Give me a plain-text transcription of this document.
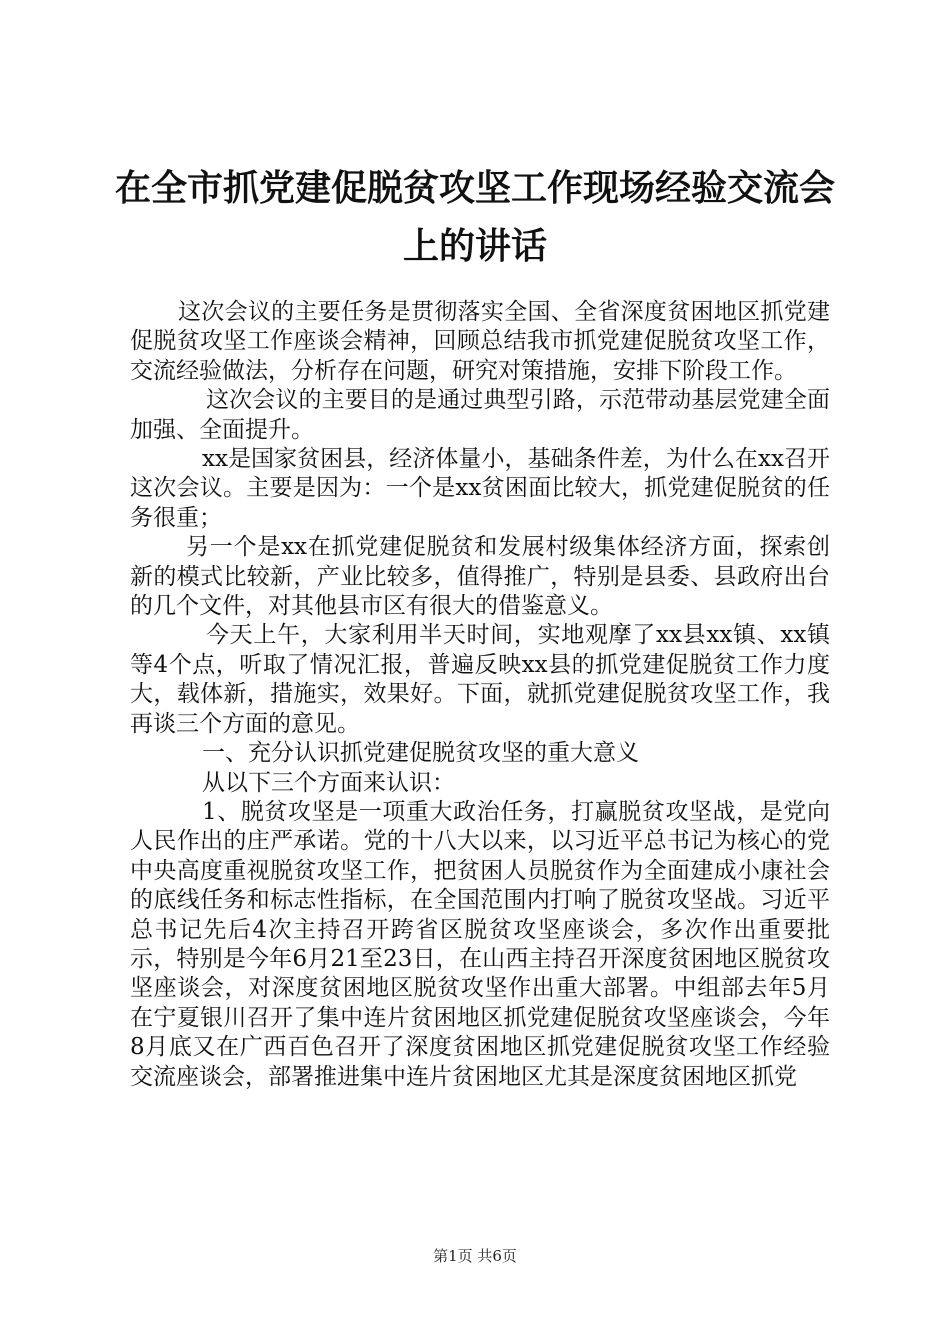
在全市抓党建促脱贫攻坚工作现场经验交流会
上的讲话

这次会议的主要任务是贯彻落实全国、全省深度贫困地区抓党建促脱贫攻坚工作座谈会精神，回顾总结我市抓党建促脱贫攻坚工作，交流经验做法，分析存在问题，研究对策措施，安排下阶段工作。

这次会议的主要目的是通过典型引路，示范带动基层党建全面加强、全面提升。

xx是国家贫困县，经济体量小，基础条件差，为什么在xx召开这次会议。主要是因为：一个是xx贫困面比较大，抓党建促脱贫的任务很重；

另一个是xx在抓党建促脱贫和发展村级集体经济方面，探索创新的模式比较新，产业比较多，值得推广，特别是县委、县政府出台的几个文件，对其他县市区有很大的借鉴意义。

今天上午，大家利用半天时间，实地观摩了xx县xx镇、xx镇等4个点，听取了情况汇报，普遍反映xx县的抓党建促脱贫工作力度大，载体新，措施实，效果好。下面，就抓党建促脱贫攻坚工作，我再谈三个方面的意见。

一、充分认识抓党建促脱贫攻坚的重大意义

从以下三个方面来认识：

1、脱贫攻坚是一项重大政治任务，打赢脱贫攻坚战，是党向人民作出的庄严承诺。党的十八大以来，以习近平总书记为核心的党中央高度重视脱贫攻坚工作，把贫困人员脱贫作为全面建成小康社会的底线任务和标志性指标，在全国范围内打响了脱贫攻坚战。习近平总书记先后4次主持召开跨省区脱贫攻坚座谈会，多次作出重要批示，特别是今年6月21至23日，在山西主持召开深度贫困地区脱贫攻坚座谈会，对深度贫困地区脱贫攻坚作出重大部署。中组部去年5月在宁夏银川召开了集中连片贫困地区抓党建促脱贫攻坚座谈会，今年8月底又在广西百色召开了深度贫困地区抓党建促脱贫攻坚工作经验交流座谈会，部署推进集中连片贫困地区尤其是深度贫困地区抓党

第1页 共6页
